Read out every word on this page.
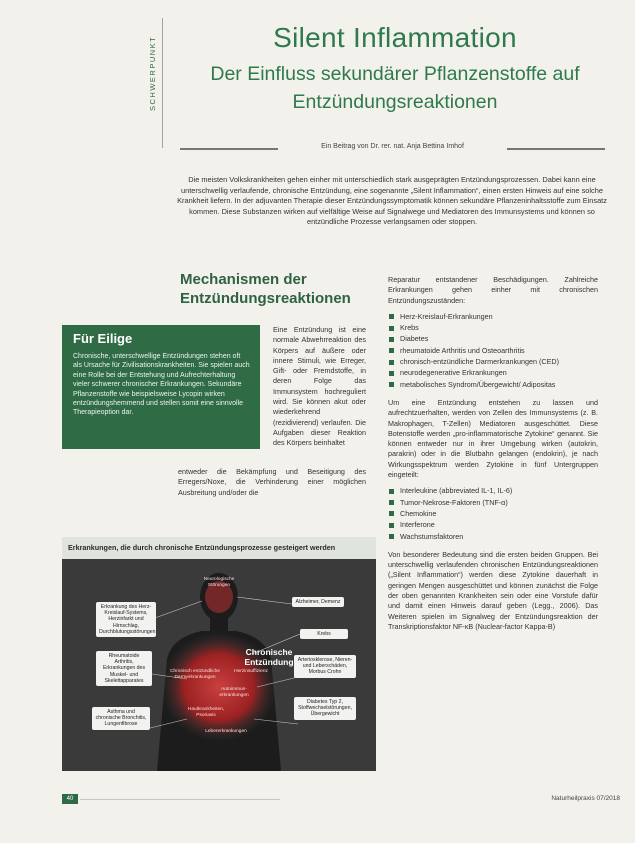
SCHWERPUNKT	Silent Inflammation
Der Einfluss sekundärer Pflanzenstoffe auf Entzündungsreaktionen
Ein Beitrag von Dr. rer. nat. Anja Bettina Imhof
Die meisten Volkskrankheiten gehen einher mit unterschiedlich stark ausgeprägten Entzündungsprozessen. Dabei kann eine unterschwellig verlaufende, chronische Entzündung, eine sogenannte „Silent Inflammation“, einen ersten Hinweis auf eine solche Krankheit liefern. In der adjuvanten Therapie dieser Entzündungssymptomatik können sekundäre Pflanzeninhaltsstoffe zum Einsatz kommen. Diese Substanzen wirken auf vielfältige Weise auf Signalwege und Mediatoren des Immunsystems und können so entzündliche Prozesse verlangsamen oder stoppen.
Mechanismen der Entzündungsreaktionen
Für Eilige
Chronische, unterschwellige Entzündungen stehen oft als Ursache für Zivilisationskrankheiten. Sie spielen auch eine Rolle bei der Entstehung und Aufrechterhaltung vieler schwerer chronischer Erkrankungen. Sekundäre Pflanzenstoffe wie beispielsweise Lycopin wirken entzündungshemmend und stellen somit eine sinnvolle Therapieoption dar.
Eine Entzündung ist eine normale Abwehrreaktion des Körpers auf äußere oder innere Stimuli, wie Erreger, Gift- oder Fremdstoffe, in deren Folge das Immunsystem hochreguliert wird. Sie können akut oder wiederkehrend (rezidivierend) verlaufen. Die Aufgaben dieser Reaktion des Körpers beinhaltet
entweder die Bekämpfung und Beseitigung des Erregers/Noxe, die Verhinderung einer möglichen Ausbreitung und/oder die

Reparatur entstandener Beschädigungen. Zahlreiche Erkrankungen gehen einher mit chronischen Entzündungszuständen:

Herz-Kreislauf-Erkrankungen
Krebs
Diabetes
rheumatoide Arthritis und Osteoarthritis
chronisch-entzündliche Darmerkrankungen (CED)
neurodegenerative Erkrankungen
metabolisches Syndrom/Übergewicht/ Adipositas

Um eine Entzündung entstehen zu lassen und aufrechtzuerhalten, werden von Zellen des Immunsystems (z. B. Makrophagen, T-Zellen) Mediatoren ausgeschüttet. Diese Botenstoffe werden „pro-inflammatorische Zytokine“ genannt. Sie können entweder nur in ihrer Umgebung wirken (autokrin, parakrin) oder in die Blutbahn gelangen (endokrin), je nach Wirkungsspektrum werden Zytokine in fünf Untergruppen eingeteilt:

Interleukine (abbreviated IL-1, IL-6)
Tumor-Nekrose-Faktoren (TNF-α)
Chemokine
Interferone
Wachstumsfaktoren

Von besonderer Bedeutung sind die ersten beiden Gruppen. Bei unterschwellig verlaufenden chronischen Entzündungsreaktionen („Silent Inflammation“) werden diese Zytokine dauerhaft in geringen Mengen ausgeschüttet und können zunächst die Folge der oben genannten Krankheiten sein oder eine Vorstufe dafür und damit einen Hinweis darauf geben (Legg., 2006). Das Weiteren spielen im Signalweg der Entzündungsreaktion der Transkriptionsfaktor NF-κB (Nuclear-factor Kappa-B)

Erkrankungen, die durch chronische Entzündungsprozesse gesteigert werden
Erkrankung des Herz-Kreislauf-Systems, Herzinfarkt und Hirnschlag, Durchblutungsstörungen
Rheumatoide Arthritis, Erkrankungen des Muskel- und Skelettapparates
Asthma und chronische Bronchitis, Lungenfibrose
Alzheimer, Demenz
Krebs
Arteriosklerose, Nieren- und Leberschäden, Morbus Crohn
Diabetes Typ 2, Stoffwechselstörungen, Übergewicht
Chronische Entzündung
Neurologische Störungen
Chronisch entzündliche Darmerkrankungen
Herzinsuffizienz
Autoimmun-erkrankungen
Hautkrankheiten, Psoriasis
Lebererkrankungen
40	Naturheilpraxis 07/2018
